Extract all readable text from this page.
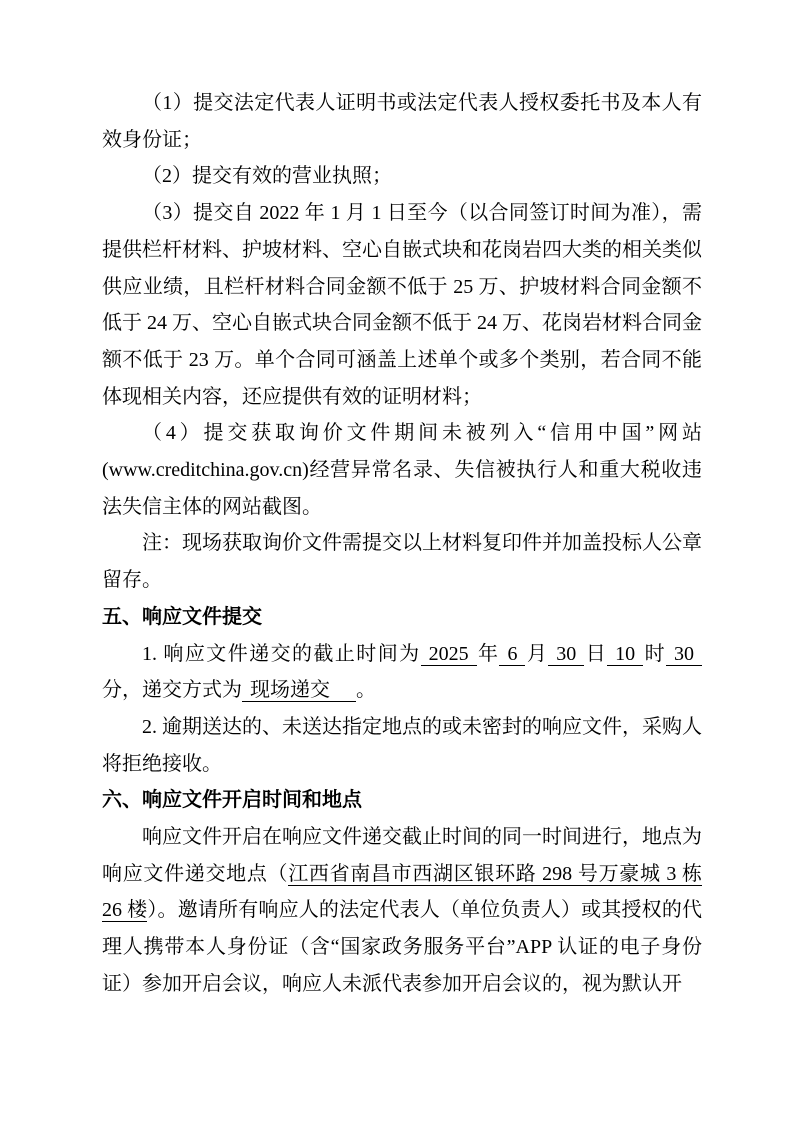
（1）提交法定代表人证明书或法定代表人授权委托书及本人有效身份证；

（2）提交有效的营业执照；

（3）提交自 2022 年 1 月 1 日至今（以合同签订时间为准），需提供栏杆材料、护坡材料、空心自嵌式块和花岗岩四大类的相关类似供应业绩，且栏杆材料合同金额不低于 25 万、护坡材料合同金额不低于 24 万、空心自嵌式块合同金额不低于 24 万、花岗岩材料合同金额不低于 23 万。单个合同可涵盖上述单个或多个类别，若合同不能体现相关内容，还应提供有效的证明材料；

（4）提交获取询价文件期间未被列入“信用中国”网站(www.creditchina.gov.cn)经营异常名录、失信被执行人和重大税收违法失信主体的网站截图。

注：现场获取询价文件需提交以上材料复印件并加盖投标人公章留存。

五、响应文件提交

1. 响应文件递交的截止时间为 2025 年 6 月 30 日 10 时 30分，递交方式为 现场递交 。

2. 逾期送达的、未送达指定地点的或未密封的响应文件，采购人将拒绝接收。

六、响应文件开启时间和地点

响应文件开启在响应文件递交截止时间的同一时间进行，地点为响应文件递交地点（江西省南昌市西湖区银环路 298 号万豪城 3 栋 26 楼）。邀请所有响应人的法定代表人（单位负责人）或其授权的代理人携带本人身份证（含“国家政务服务平台”APP 认证的电子身份证）参加开启会议，响应人未派代表参加开启会议的，视为默认开
